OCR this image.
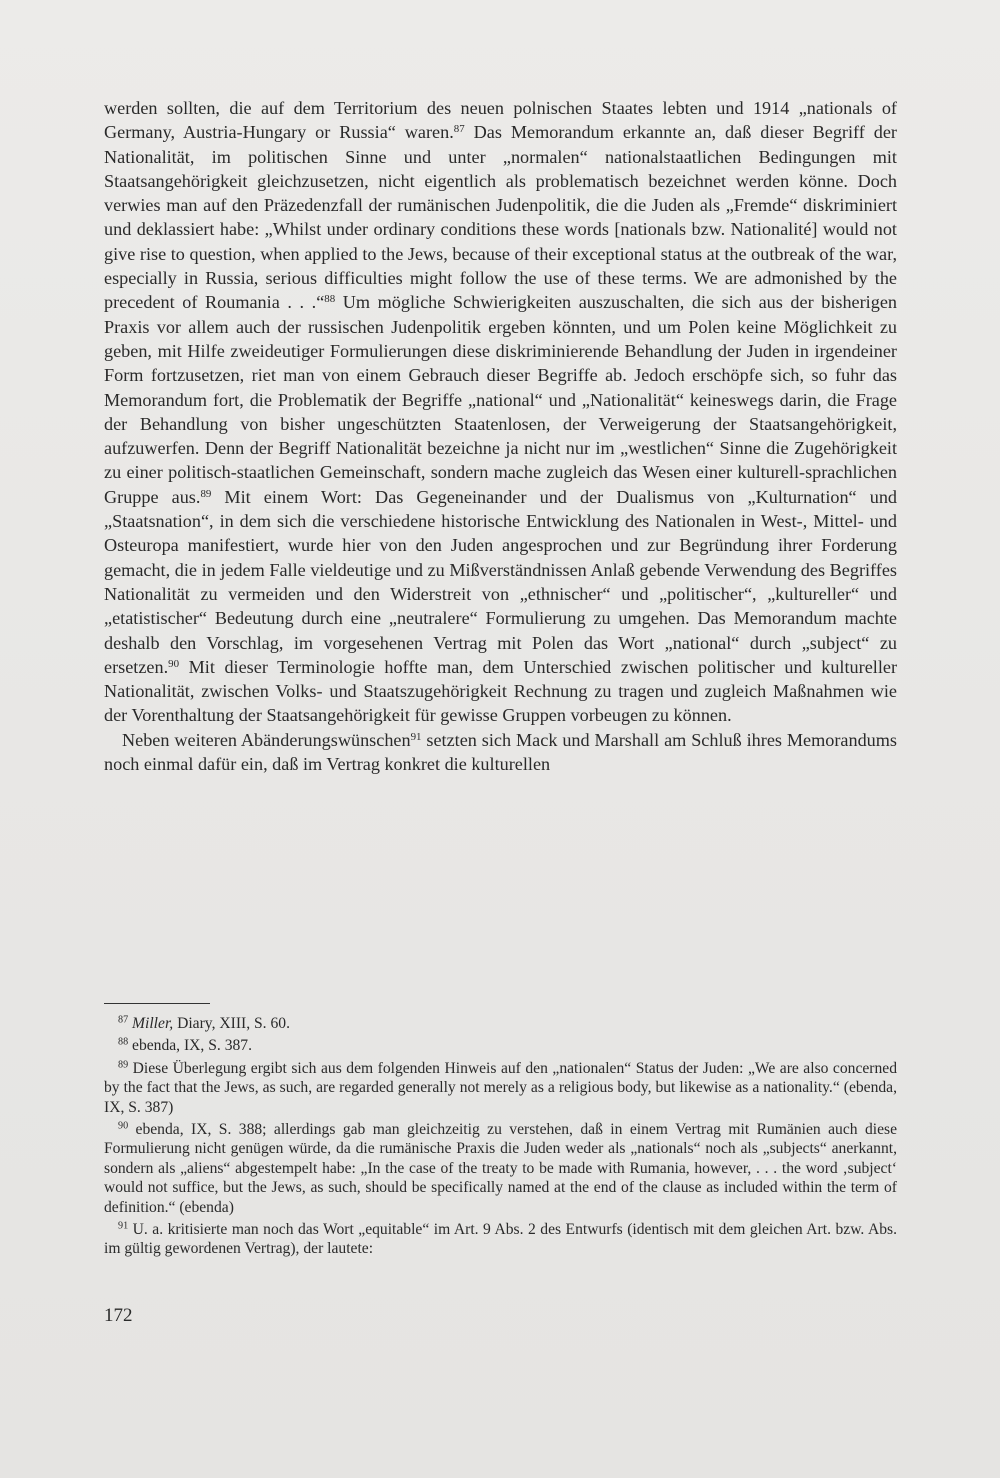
werden sollten, die auf dem Territorium des neuen polnischen Staates lebten und 1914 „nationals of Germany, Austria-Hungary or Russia“ waren.$^{87}$ Das Memorandum erkannte an, daß dieser Begriff der Nationalität, im politischen Sinne und unter „normalen“ nationalstaatlichen Bedingungen mit Staatsangehörigkeit gleichzusetzen, nicht eigentlich als problematisch bezeichnet werden könne. Doch verwies man auf den Präzedenzfall der rumänischen Judenpolitik, die die Juden als „Fremde“ diskriminiert und deklassiert habe: „Whilst under ordinary conditions these words [nationals bzw. Nationalité] would not give rise to question, when applied to the Jews, because of their exceptional status at the outbreak of the war, especially in Russia, serious difficulties might follow the use of these terms. We are admonished by the precedent of Roumania . . .“$^{88}$ Um mögliche Schwierigkeiten auszuschalten, die sich aus der bisherigen Praxis vor allem auch der russischen Judenpolitik ergeben könnten, und um Polen keine Möglichkeit zu geben, mit Hilfe zweideutiger Formulierungen diese diskriminierende Behandlung der Juden in irgendeiner Form fortzusetzen, riet man von einem Gebrauch dieser Begriffe ab. Jedoch erschöpfe sich, so fuhr das Memorandum fort, die Problematik der Begriffe „national“ und „Nationalität“ keineswegs darin, die Frage der Behandlung von bisher ungeschützten Staatenlosen, der Verweigerung der Staatsangehörigkeit, aufzuwerfen. Denn der Begriff Nationalität bezeichne ja nicht nur im „westlichen“ Sinne die Zugehörigkeit zu einer politisch-staatlichen Gemeinschaft, sondern mache zugleich das Wesen einer kulturell-sprachlichen Gruppe aus.$^{89}$ Mit einem Wort: Das Gegeneinander und der Dualismus von „Kulturnation“ und „Staatsnation“, in dem sich die verschiedene historische Entwicklung des Nationalen in West-, Mittel- und Osteuropa manifestiert, wurde hier von den Juden angesprochen und zur Begründung ihrer Forderung gemacht, die in jedem Falle vieldeutige und zu Mißverständnissen Anlaß gebende Verwendung des Begriffes Nationalität zu vermeiden und den Widerstreit von „ethnischer“ und „politischer“, „kultureller“ und „etatistischer“ Bedeutung durch eine „neutralere“ Formulierung zu umgehen. Das Memorandum machte deshalb den Vorschlag, im vorgesehenen Vertrag mit Polen das Wort „national“ durch „subject“ zu ersetzen.$^{90}$ Mit dieser Terminologie hoffte man, dem Unterschied zwischen politischer und kultureller Nationalität, zwischen Volks- und Staatszugehörigkeit Rechnung zu tragen und zugleich Maßnahmen wie der Vorenthaltung der Staatsangehörigkeit für gewisse Gruppen vorbeugen zu können.

Neben weiteren Abänderungswünschen$^{91}$ setzten sich Mack und Marshall am Schluß ihres Memorandums noch einmal dafür ein, daß im Vertrag konkret die kulturellen

$^{87}$ Miller, Diary, XIII, S. 60.

$^{88}$ ebenda, IX, S. 387.

$^{89}$ Diese Überlegung ergibt sich aus dem folgenden Hinweis auf den „nationalen“ Status der Juden: „We are also concerned by the fact that the Jews, as such, are regarded generally not merely as a religious body, but likewise as a nationality.“ (ebenda, IX, S. 387)

$^{90}$ ebenda, IX, S. 388; allerdings gab man gleichzeitig zu verstehen, daß in einem Vertrag mit Rumänien auch diese Formulierung nicht genügen würde, da die rumänische Praxis die Juden weder als „nationals“ noch als „subjects“ anerkannt, sondern als „aliens“ abgestempelt habe: „In the case of the treaty to be made with Rumania, however, . . . the word ‚subject‘ would not suffice, but the Jews, as such, should be specifically named at the end of the clause as included within the term of definition.“ (ebenda)

$^{91}$ U. a. kritisierte man noch das Wort „equitable“ im Art. 9 Abs. 2 des Entwurfs (identisch mit dem gleichen Art. bzw. Abs. im gültig gewordenen Vertrag), der lautete:

172
